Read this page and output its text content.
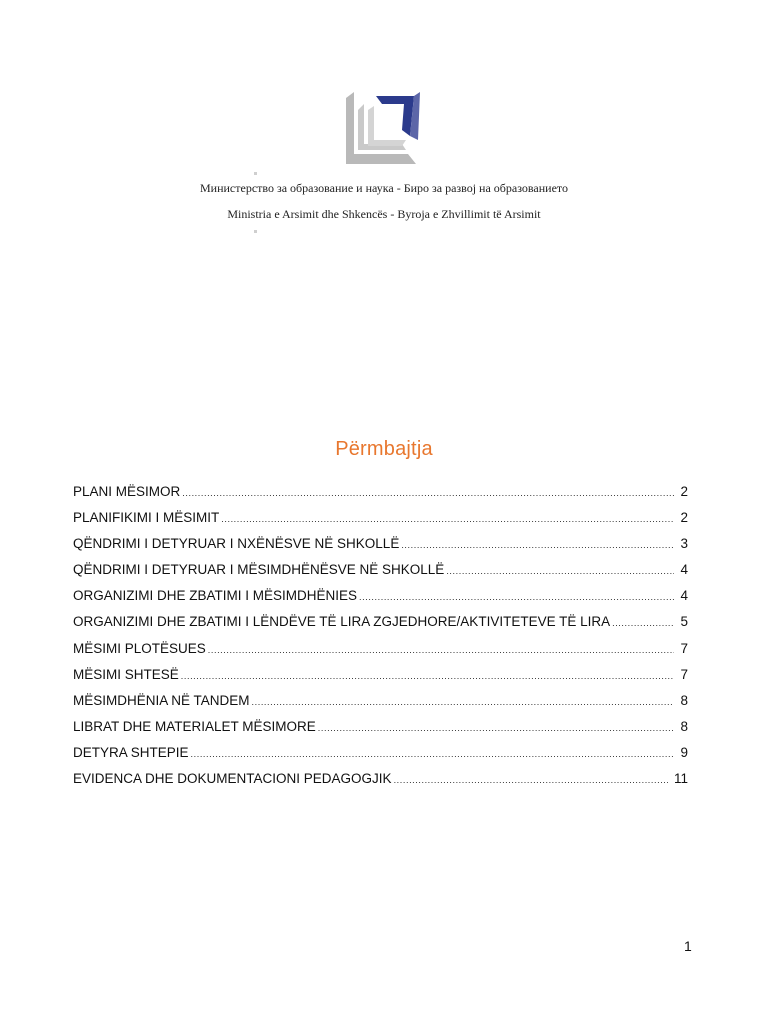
Министерство за образование и наука - Биро за развој на образованието
Ministria e Arsimit dhe Shkencës - Byroja e Zhvillimit të Arsimit
Përmbajtja
PLANI MËSIMOR .....	2
PLANIFIKIMI I MËSIMIT .....	2
QËNDRIMI I DETYRUAR I NXËNËSVE NË SHKOLLË .....	3
QËNDRIMI I DETYRUAR I MËSIMDHËNËSVE NË SHKOLLË .....	4
ORGANIZIMI DHE ZBATIMI I MËSIMDHËNIES .....	4
ORGANIZIMI DHE ZBATIMI I LËNDËVE TË LIRA ZGJEDHORE/AKTIVITETEVE TË LIRA .....	5
MËSIMI PLOTËSUES .....	7
MËSIMI SHTESË .....	7
MËSIMDHËNIA NË TANDEM .....	8
LIBRAT DHE MATERIALET MËSIMORE .....	8
DETYRA SHTEPIE .....	9
EVIDENCA DHE DOKUMENTACIONI PEDAGOGJIK .....	11
1
